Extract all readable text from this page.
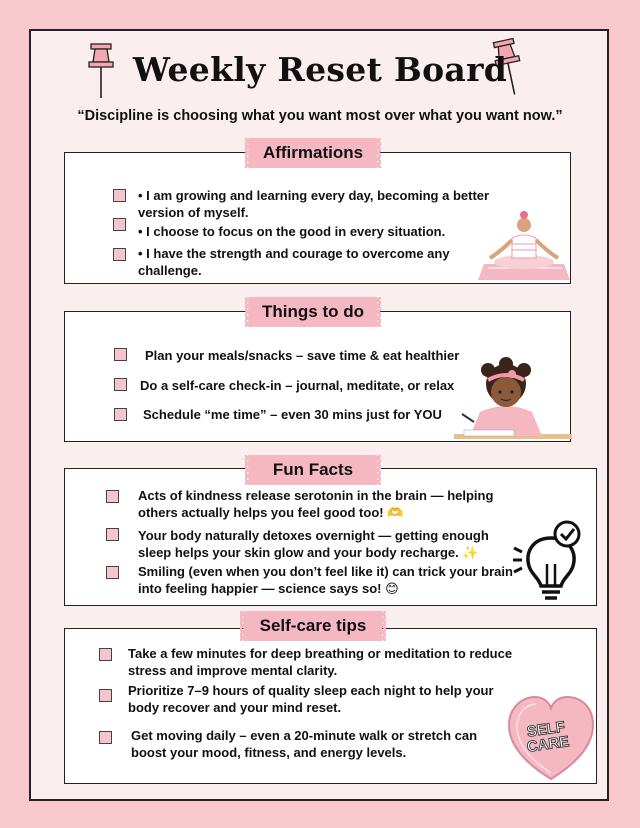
Weekly Reset Board
“Discipline is choosing what you want most over what you want now.”
Affirmations
• I am growing and learning every day, becoming a better version of myself.
• I choose to focus on the good in every situation.
• I have the strength and courage to overcome any challenge.
Things to do
Plan your meals/snacks – save time & eat healthier
Do a self-care check-in – journal, meditate, or relax
Schedule “me time” – even 30 mins just for YOU
Fun Facts
Acts of kindness release serotonin in the brain — helping others actually helps you feel good too! 🫶
Your body naturally detoxes overnight — getting enough sleep helps your skin glow and your body recharge. ✨
Smiling (even when you don’t feel like it) can trick your brain into feeling happier — science says so! 😊
Self-care tips
Take a few minutes for deep breathing or meditation to reduce stress and improve mental clarity.
Prioritize 7–9 hours of quality sleep each night to help your body recover and your mind reset.
Get moving daily – even a 20-minute walk or stretch can boost your mood, fitness, and energy levels.
SELF CARE
